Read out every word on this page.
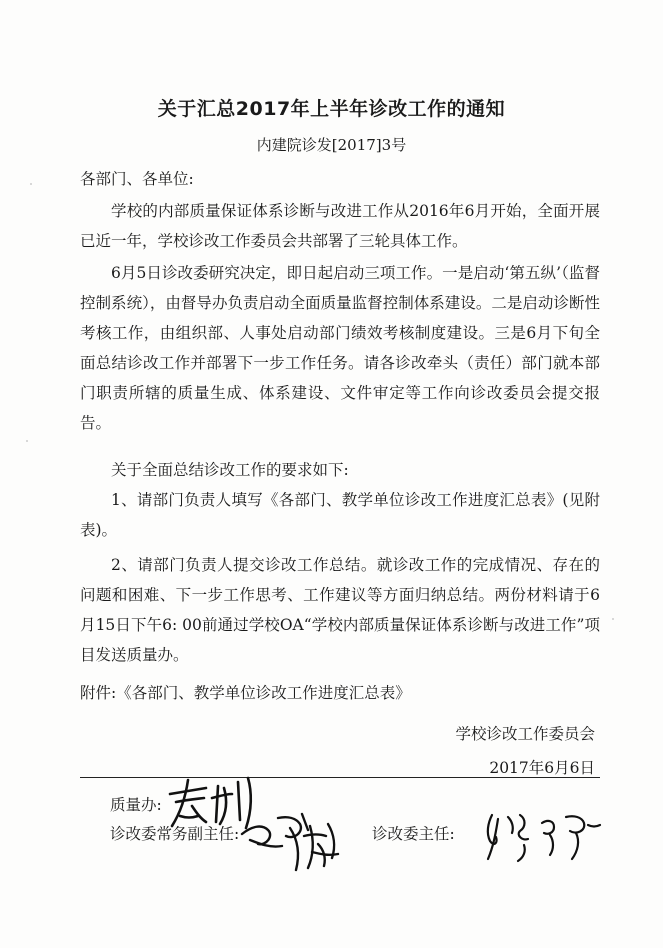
关于汇总2017年上半年诊改工作的通知
内建院诊发[2017]3号
各部门、各单位:

学校的内部质量保证体系诊断与改进工作从2016年6月开始，全面开展已近一年，学校诊改工作委员会共部署了三轮具体工作。

6月5日诊改委研究决定，即日起启动三项工作。一是启动‘第五纵’（监督控制系统），由督导办负责启动全面质量监督控制体系建设。二是启动诊断性考核工作，由组织部、人事处启动部门绩效考核制度建设。三是6月下旬全面总结诊改工作并部署下一步工作任务。请各诊改牵头（责任）部门就本部门职责所辖的质量生成、体系建设、文件审定等工作向诊改委员会提交报告。

关于全面总结诊改工作的要求如下:

1、请部门负责人填写《各部门、教学单位诊改工作进度汇总表》(见附表)。

2、请部门负责人提交诊改工作总结。就诊改工作的完成情况、存在的问题和困难、下一步工作思考、工作建议等方面归纳总结。两份材料请于6月15日下午6: 00前通过学校OA“学校内部质量保证体系诊断与改进工作”项目发送质量办。

附件:《各部门、教学单位诊改工作进度汇总表》
学校诊改工作委员会
2017年6月6日
质量办:
诊改委常务副主任:	诊改委主任:
